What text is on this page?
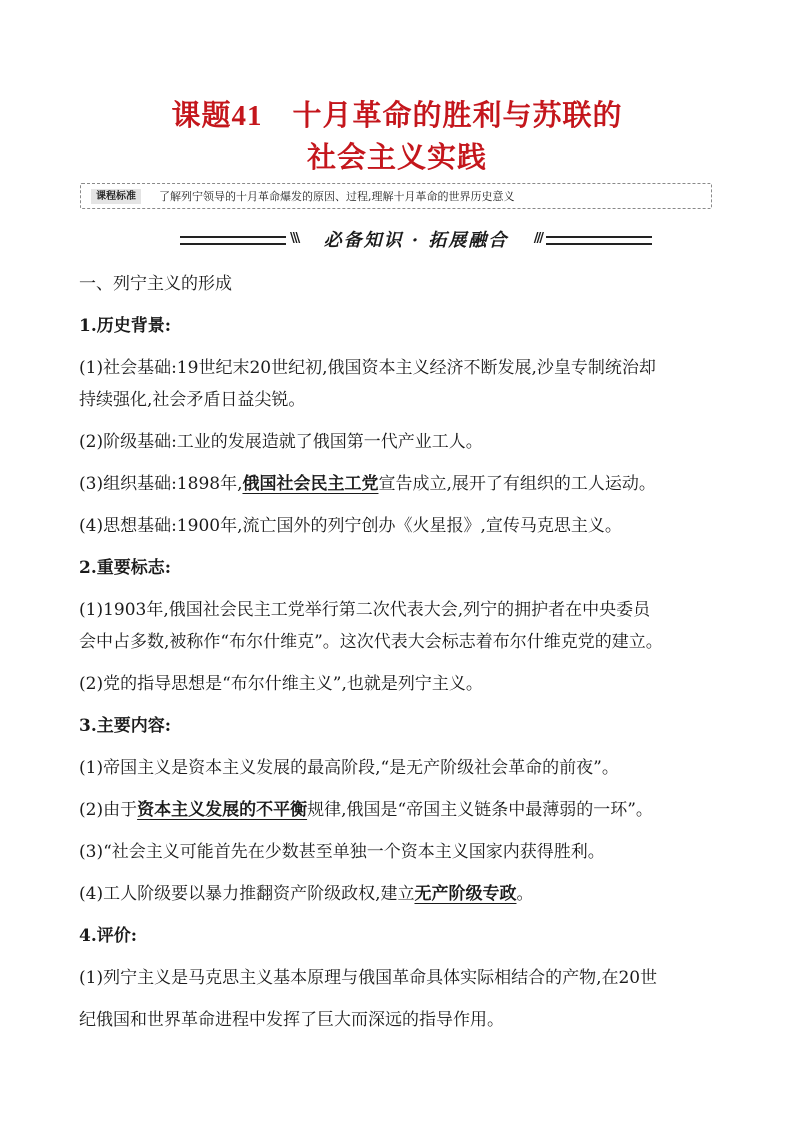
课题41 十月革命的胜利与苏联的
社会主义实践
课程标准	了解列宁领导的十月革命爆发的原因、过程,理解十月革命的世界历史意义
\\\	必备知识 · 拓展融合	///
一、列宁主义的形成
1.历史背景:
(1)社会基础:19世纪末20世纪初,俄国资本主义经济不断发展,沙皇专制统治却
持续强化,社会矛盾日益尖锐。
(2)阶级基础:工业的发展造就了俄国第一代产业工人。
(3)组织基础:1898年,俄国社会民主工党宣告成立,展开了有组织的工人运动。
(4)思想基础:1900年,流亡国外的列宁创办《火星报》,宣传马克思主义。
2.重要标志:
(1)1903年,俄国社会民主工党举行第二次代表大会,列宁的拥护者在中央委员
会中占多数,被称作“布尔什维克”。这次代表大会标志着布尔什维克党的建立。
(2)党的指导思想是“布尔什维主义”,也就是列宁主义。
3.主要内容:
(1)帝国主义是资本主义发展的最高阶段,“是无产阶级社会革命的前夜”。
(2)由于资本主义发展的不平衡规律,俄国是“帝国主义链条中最薄弱的一环”。
(3)“社会主义可能首先在少数甚至单独一个资本主义国家内获得胜利。
(4)工人阶级要以暴力推翻资产阶级政权,建立无产阶级专政。
4.评价:
(1)列宁主义是马克思主义基本原理与俄国革命具体实际相结合的产物,在20世
纪俄国和世界革命进程中发挥了巨大而深远的指导作用。
